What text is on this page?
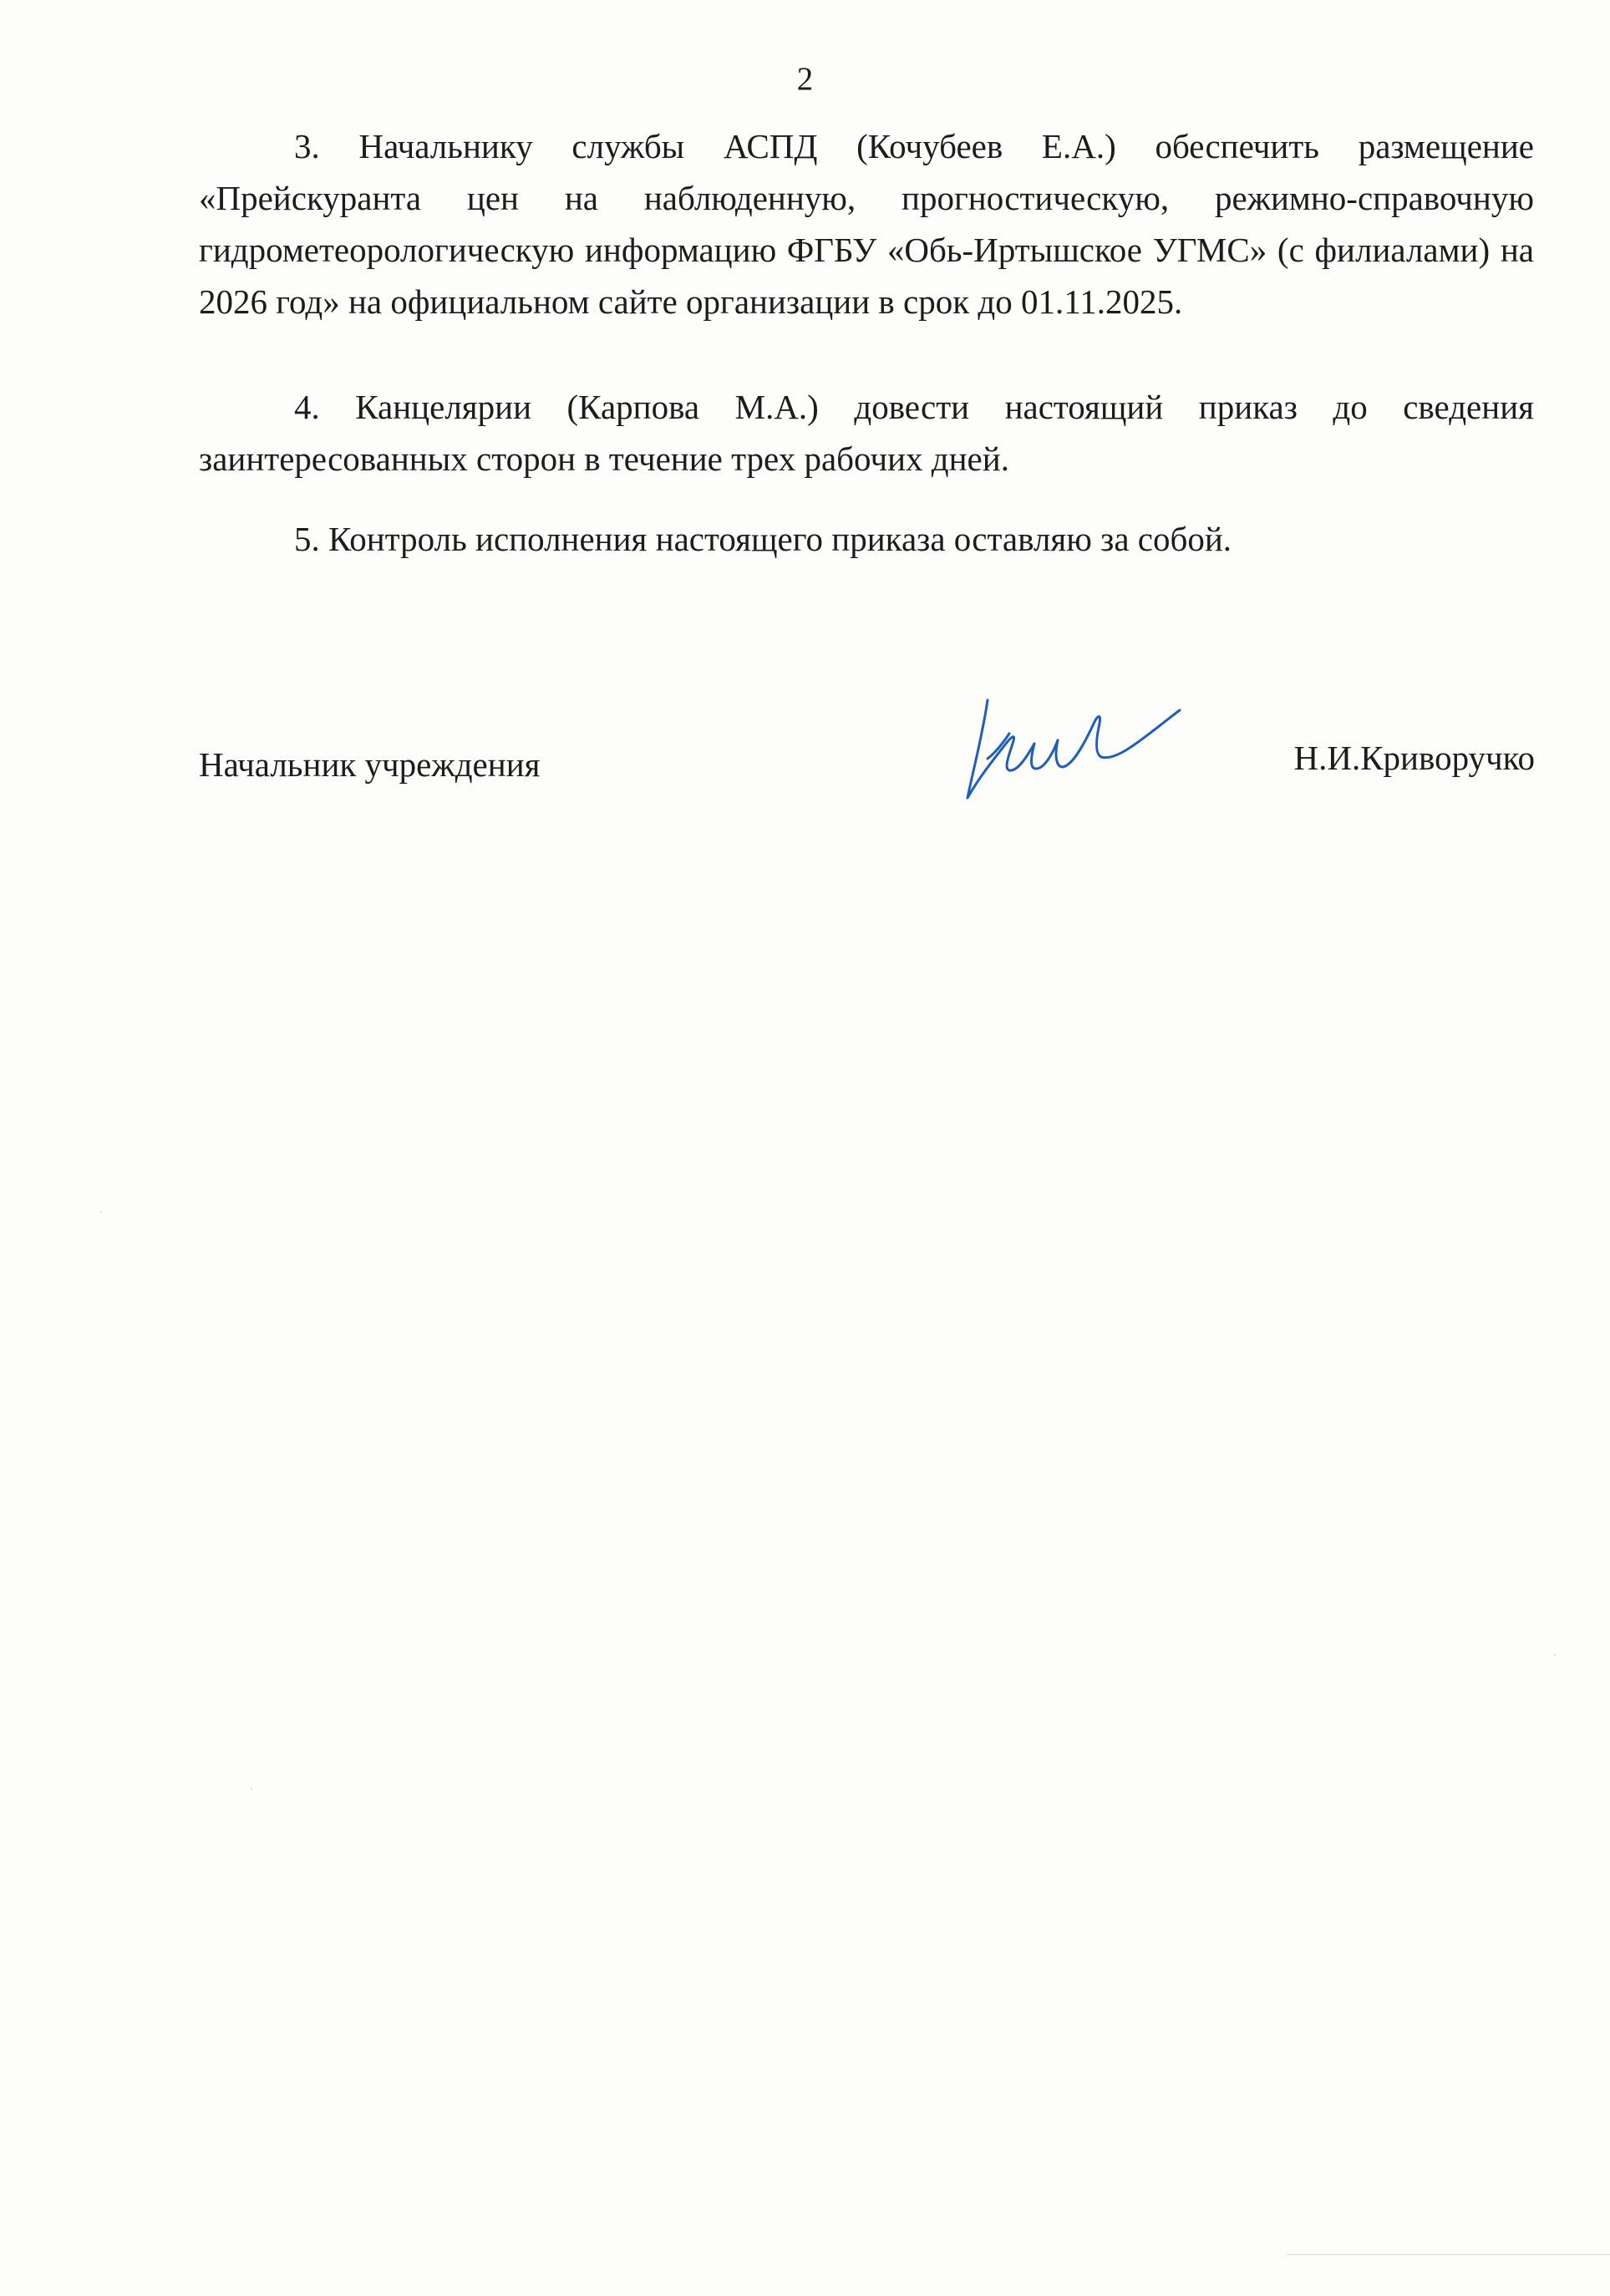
2

3. Начальнику службы АСПД (Кочубеев Е.А.) обеспечить размещение «Прейскуранта цен на наблюденную, прогностическую, режимно-справочную гидрометеорологическую информацию ФГБУ «Обь-Иртышское УГМС» (с филиалами) на 2026 год» на официальном сайте организации в срок до 01.11.2025.

4. Канцелярии (Карпова М.А.) довести настоящий приказ до сведения заинтересованных сторон в течение трех рабочих дней.

5. Контроль исполнения настоящего приказа оставляю за собой.

Начальник учреждения	Н.И.Криворучко
